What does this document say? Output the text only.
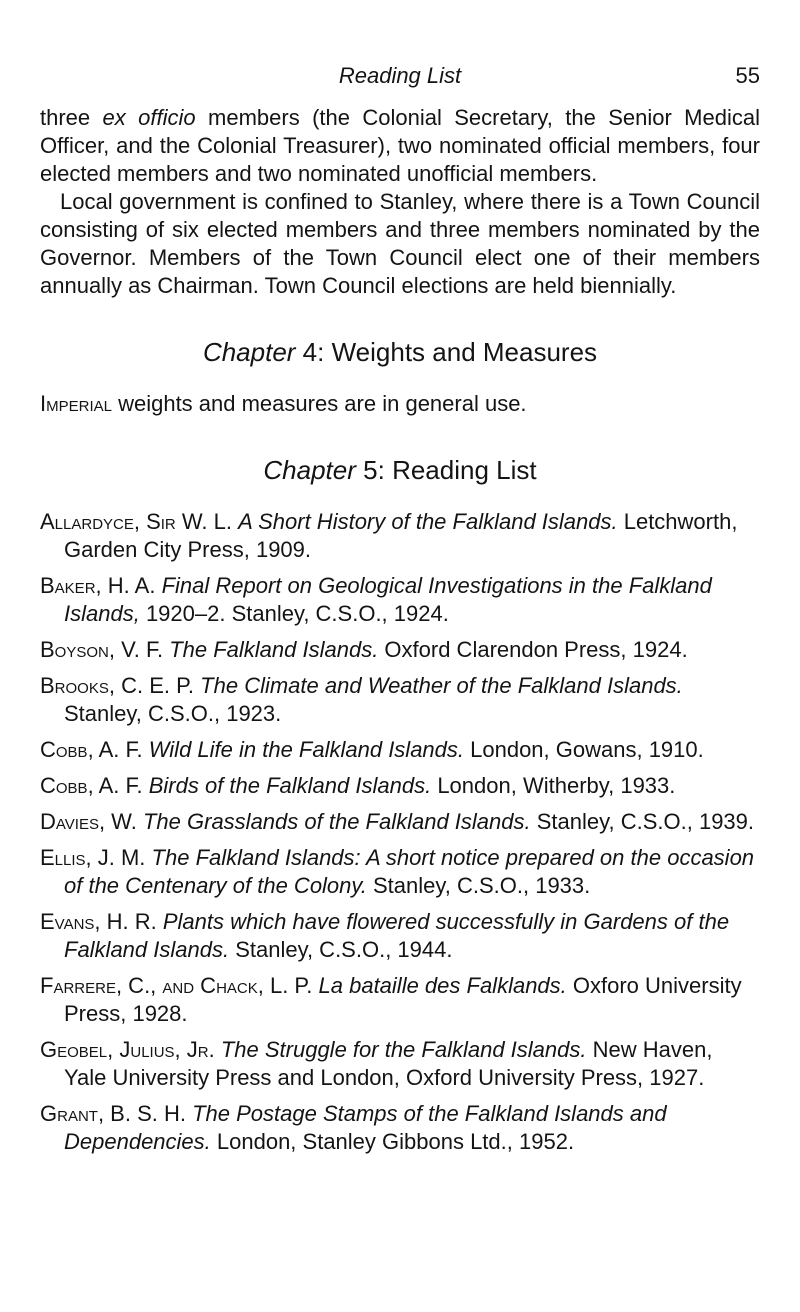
Reading List	55

three ex officio members (the Colonial Secretary, the Senior Medical Officer, and the Colonial Treasurer), two nominated official members, four elected members and two nominated unofficial members.

Local government is confined to Stanley, where there is a Town Council consisting of six elected members and three members nominated by the Governor. Members of the Town Council elect one of their members annually as Chairman. Town Council elections are held biennially.

Chapter 4: Weights and Measures

Imperial weights and measures are in general use.

Chapter 5: Reading List
Allardyce, Sir W. L. A Short History of the Falkland Islands. Letchworth, Garden City Press, 1909.
Baker, H. A. Final Report on Geological Investigations in the Falkland Islands, 1920–2. Stanley, C.S.O., 1924.
Boyson, V. F. The Falkland Islands. Oxford Clarendon Press, 1924.
Brooks, C. E. P. The Climate and Weather of the Falkland Islands. Stanley, C.S.O., 1923.
Cobb, A. F. Wild Life in the Falkland Islands. London, Gowans, 1910.
Cobb, A. F. Birds of the Falkland Islands. London, Witherby, 1933.
Davies, W. The Grasslands of the Falkland Islands. Stanley, C.S.O., 1939.
Ellis, J. M. The Falkland Islands: A short notice prepared on the occasion of the Centenary of the Colony. Stanley, C.S.O., 1933.
Evans, H. R. Plants which have flowered successfully in Gardens of the Falkland Islands. Stanley, C.S.O., 1944.
Farrere, C., and Chack, L. P. La bataille des Falklands. Oxforo University Press, 1928.
Geobel, Julius, Jr. The Struggle for the Falkland Islands. New Haven, Yale University Press and London, Oxford University Press, 1927.
Grant, B. S. H. The Postage Stamps of the Falkland Islands and Dependencies. London, Stanley Gibbons Ltd., 1952.
